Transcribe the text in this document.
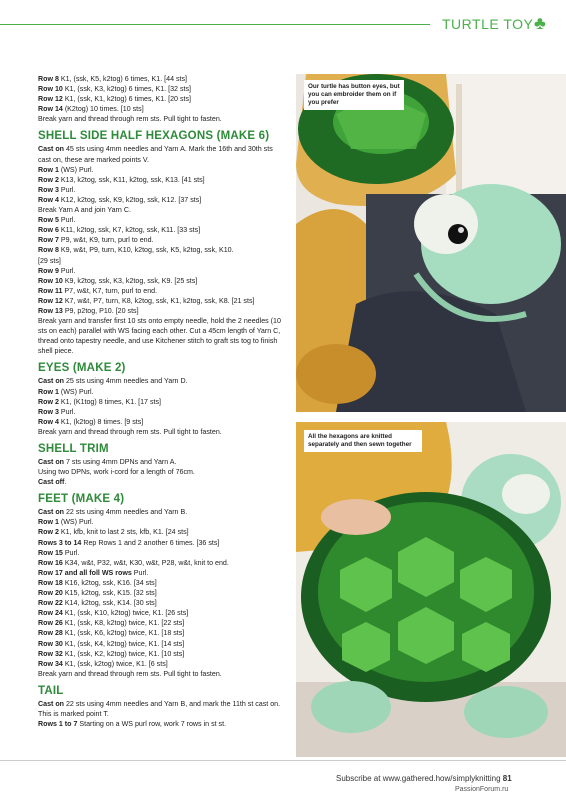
TURTLE TOY ♣

Row 8 K1, (ssk, K5, k2tog) 6 times, K1. [44 sts]

Row 10 K1, (ssk, K3, k2tog) 6 times, K1. [32 sts]

Row 12 K1, (ssk, K1, k2tog) 6 times, K1. [20 sts]

Row 14 (K2tog) 10 times. [10 sts]

Break yarn and thread through rem sts. Pull tight to fasten.

SHELL SIDE HALF HEXAGONS (MAKE 6)

Cast on 45 sts using 4mm needles and Yarn A. Mark the 16th and 30th sts cast on, these are marked points V.

Row 1 (WS) Purl.

Row 2 K13, k2tog, ssk, K11, k2tog, ssk, K13. [41 sts]

Row 3 Purl.

Row 4 K12, k2tog, ssk, K9, k2tog, ssk, K12. [37 sts]

Break Yarn A and join Yarn C.

Row 5 Purl.

Row 6 K11, k2tog, ssk, K7, k2tog, ssk, K11. [33 sts]

Row 7 P9, w&t, K9, turn, purl to end.

Row 8 K9, w&t, P9, turn, K10, k2tog, ssk, K5, k2tog, ssk, K10.

[29 sts]

Row 9 Purl.

Row 10 K9, k2tog, ssk, K3, k2tog, ssk, K9. [25 sts]

Row 11 P7, w&t, K7, turn, purl to end.

Row 12 K7, w&t, P7, turn, K8, k2tog, ssk, K1, k2tog, ssk, K8. [21 sts]

Row 13 P9, p2tog, P10. [20 sts]

Break yarn and transfer first 10 sts onto empty needle, hold the 2 needles (10 sts on each) parallel with WS facing each other. Cut a 45cm length of Yarn C, thread onto tapestry needle, and use Kitchener stitch to graft sts tog to finish shell piece.

EYES (MAKE 2)

Cast on 25 sts using 4mm needles and Yarn D.

Row 1 (WS) Purl.

Row 2 K1, (K1tog) 8 times, K1. [17 sts]

Row 3 Purl.

Row 4 K1, (k2tog) 8 times. [9 sts]

Break yarn and thread through rem sts. Pull tight to fasten.

SHELL TRIM

Cast on 7 sts using 4mm DPNs and Yarn A.

Using two DPNs, work i-cord for a length of 76cm.

Cast off.

FEET (MAKE 4)

Cast on 22 sts using 4mm needles and Yarn B.

Row 1 (WS) Purl.

Row 2 K1, kfb, knit to last 2 sts, kfb, K1. [24 sts]

Rows 3 to 14 Rep Rows 1 and 2 another 6 times. [36 sts]

Row 15 Purl.

Row 16 K34, w&t, P32, w&t, K30, w&t, P28, w&t, knit to end.

Row 17 and all foll WS rows Purl.

Row 18 K16, k2tog, ssk, K16. [34 sts]

Row 20 K15, k2tog, ssk, K15. [32 sts]

Row 22 K14, k2tog, ssk, K14. [30 sts]

Row 24 K1, (ssk, K10, k2tog) twice, K1. [26 sts]

Row 26 K1, (ssk, K8, k2tog) twice, K1. [22 sts]

Row 28 K1, (ssk, K6, k2tog) twice, K1. [18 sts]

Row 30 K1, (ssk, K4, k2tog) twice, K1. [14 sts]

Row 32 K1, (ssk, K2, k2tog) twice, K1. [10 sts]

Row 34 K1, (ssk, k2tog) twice, K1. [6 sts]

Break yarn and thread through rem sts. Pull tight to fasten.

TAIL

Cast on 22 sts using 4mm needles and Yarn B, and mark the 11th st cast on. This is marked point T.

Rows 1 to 7 Starting on a WS purl row, work 7 rows in st st.

Our turtle has button eyes, but you can embroider them on if you prefer
All the hexagons are knitted separately and then sewn together
Subscribe at www.gathered.how/simplyknitting 81
PassionForum.ru
